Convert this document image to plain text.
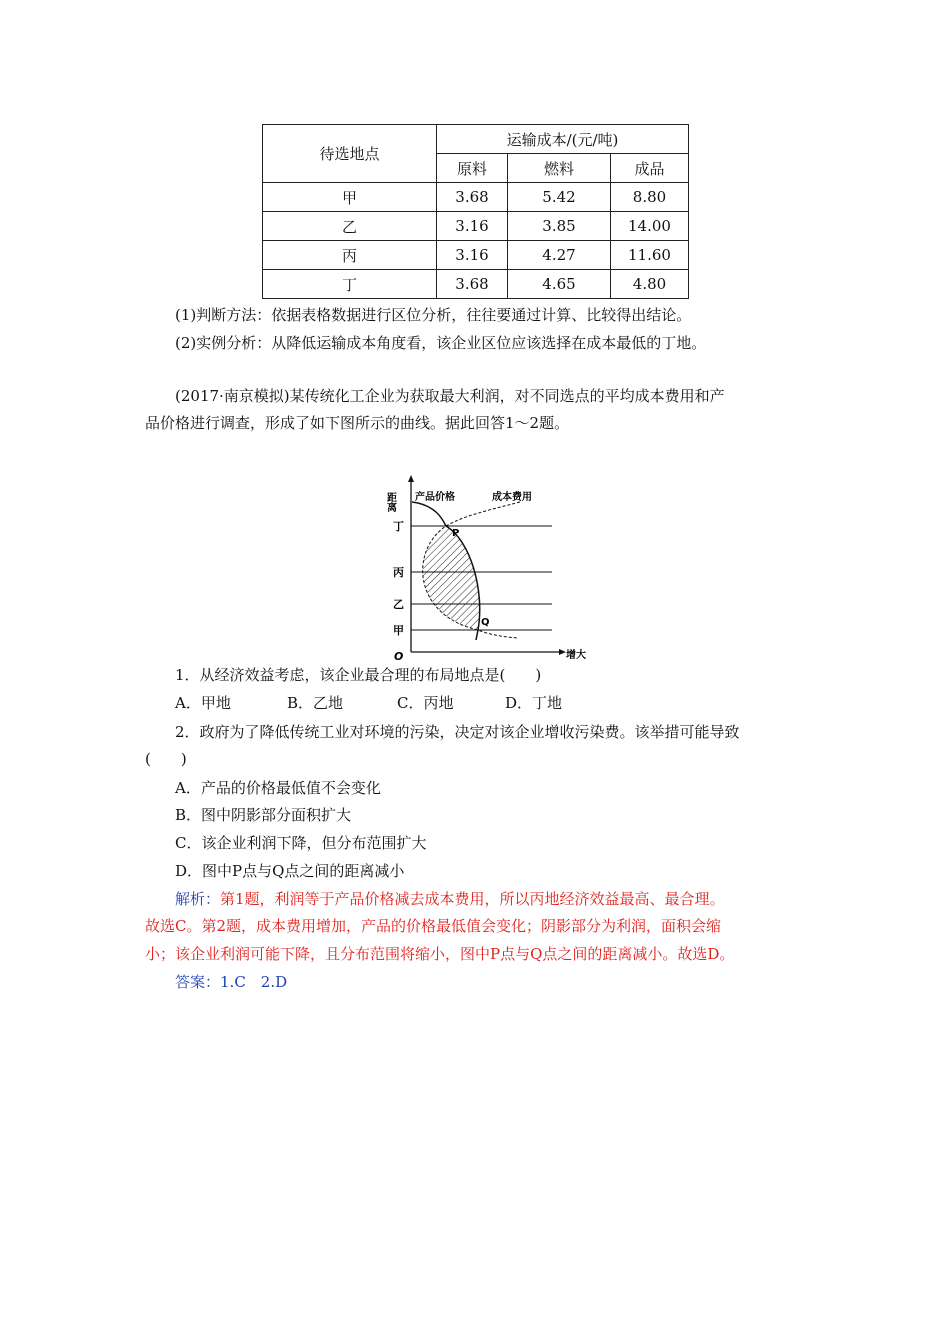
待选地点	运输成本/(元/吨)		
	原料	燃料	成品
甲	3.68	5.42	8.80
乙	3.16	3.85	14.00
丙	3.16	4.27	11.60
丁	3.68	4.65	4.80
(1)判断方法：依据表格数据进行区位分析，往往要通过计算、比较得出结论。
(2)实例分析：从降低运输成本角度看，该企业区位应该选择在成本最低的丁地。
(2017·南京模拟)某传统化工企业为获取最大利润，对不同选点的平均成本费用和产
品价格进行调查，形成了如下图所示的曲线。据此回答1～2题。
距离 产品价格	成本费用
丁
丙
乙
甲
O	增大
P
Q
1．从经济效益考虑，该企业最合理的布局地点是(　　)
A．甲地	B．乙地	C．丙地	D．丁地
2．政府为了降低传统工业对环境的污染，决定对该企业增收污染费。该举措可能导致
(　　)
A．产品的价格最低值不会变化
B．图中阴影部分面积扩大
C．该企业利润下降，但分布范围扩大
D．图中P点与Q点之间的距离减小
解析：第1题，利润等于产品价格减去成本费用，所以丙地经济效益最高、最合理。
故选C。第2题，成本费用增加，产品的价格最低值会变化；阴影部分为利润，面积会缩
小；该企业利润可能下降，且分布范围将缩小，图中P点与Q点之间的距离减小。故选D。
答案：1.C　2.D
